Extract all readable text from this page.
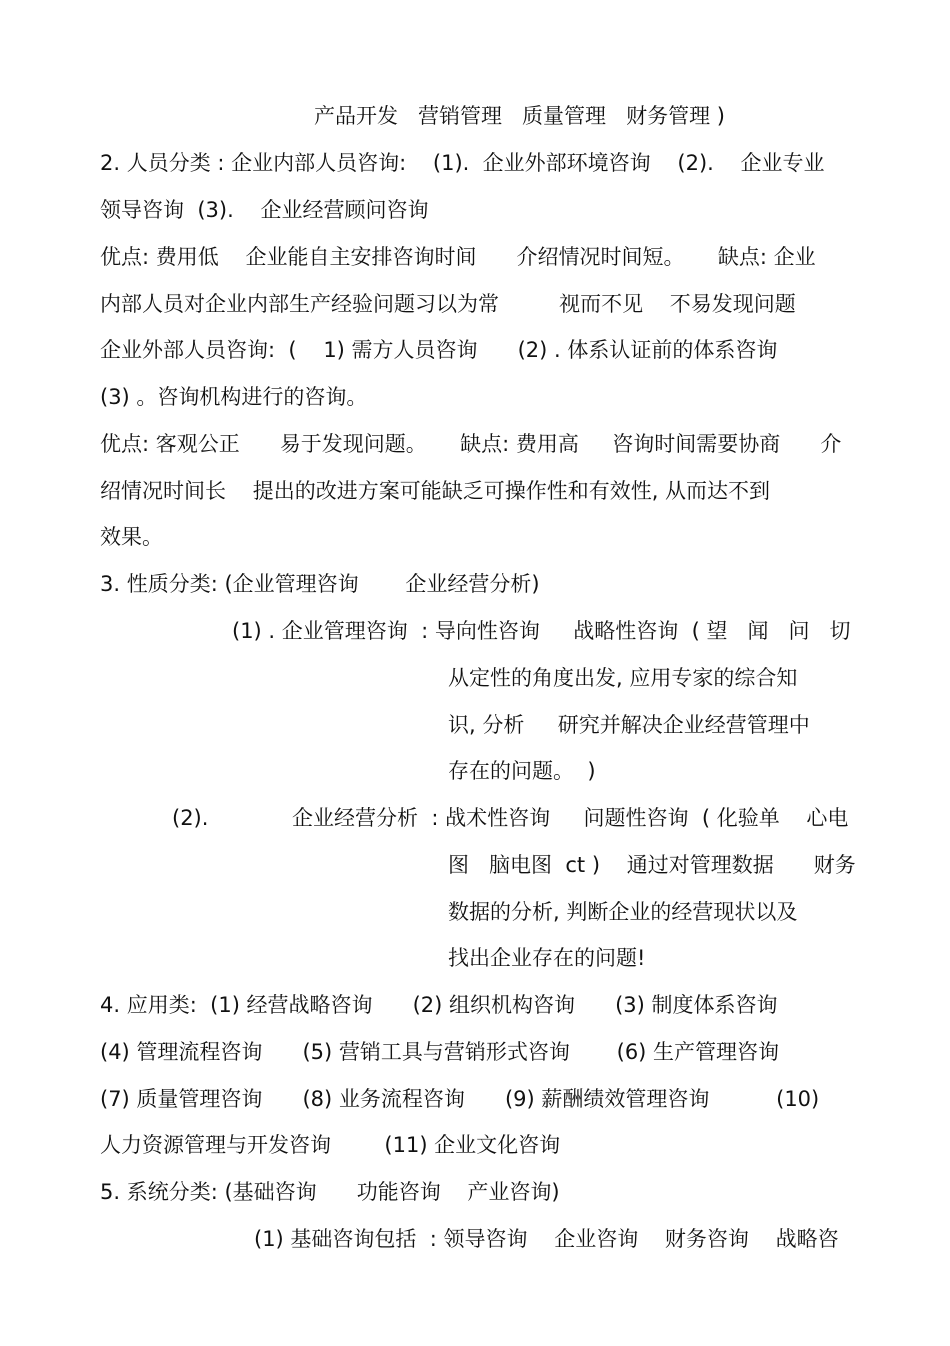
产品开发   营销管理   质量管理   财务管理 )

2. 人员分类 : 企业内部人员咨询:    (1).  企业外部环境咨询    (2).    企业专业

领导咨询  (3).    企业经营顾问咨询

优点: 费用低    企业能自主安排咨询时间      介绍情况时间短。     缺点: 企业

内部人员对企业内部生产经验问题习以为常         视而不见    不易发现问题

企业外部人员咨询:  (    1) 需方人员咨询      (2) . 体系认证前的体系咨询

(3) 。咨询机构进行的咨询。

优点: 客观公正      易于发现问题。     缺点: 费用高     咨询时间需要协商      介

绍情况时间长    提出的改进方案可能缺乏可操作性和有效性, 从而达不到

效果。

3. 性质分类: (企业管理咨询       企业经营分析)

(1) . 企业管理咨询  : 导向性咨询     战略性咨询  ( 望   闻   问   切

从定性的角度出发, 应用专家的综合知

识, 分析     研究并解决企业经营管理中

存在的问题。  )

(2).	企业经营分析  : 战术性咨询     问题性咨询  ( 化验单    心电

图   脑电图  ct )    通过对管理数据      财务

数据的分析, 判断企业的经营现状以及

找出企业存在的问题!

4. 应用类:  (1) 经营战略咨询      (2) 组织机构咨询      (3) 制度体系咨询

(4) 管理流程咨询      (5) 营销工具与营销形式咨询       (6) 生产管理咨询

(7) 质量管理咨询      (8) 业务流程咨询      (9) 薪酬绩效管理咨询          (10)

人力资源管理与开发咨询        (11) 企业文化咨询

5. 系统分类: (基础咨询      功能咨询    产业咨询)

(1) 基础咨询包括  : 领导咨询    企业咨询    财务咨询    战略咨
